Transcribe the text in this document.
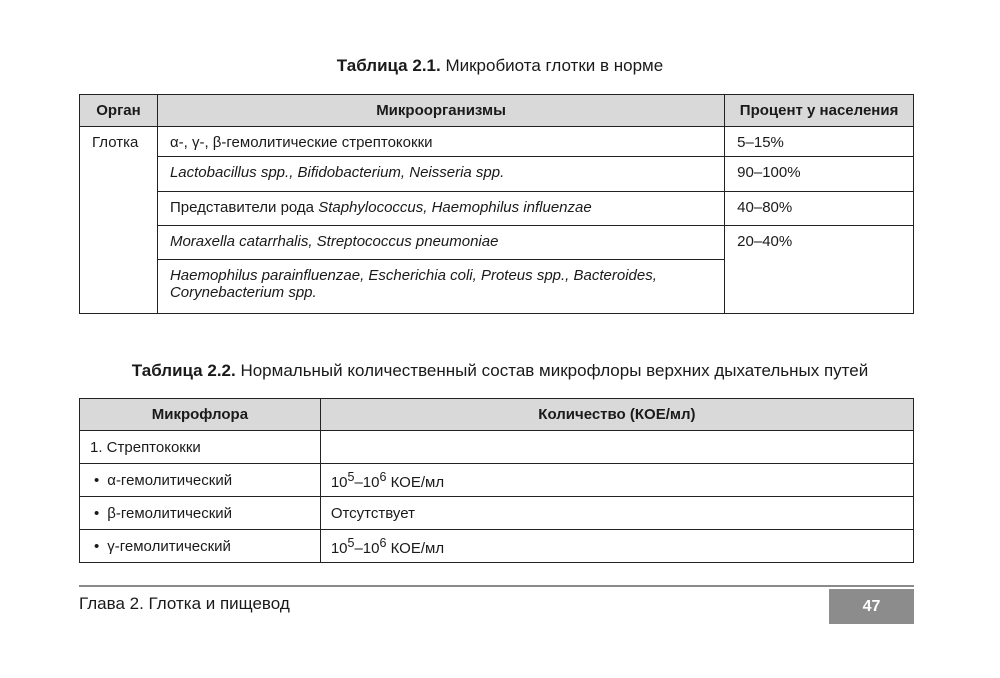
Таблица 2.1. Микробиота глотки в норме
Орган	Микроорганизмы	Процент у населения
Глотка	α-, γ-, β-гемолитические стрептококки	5–15%
	Lactobacillus spp., Bifidobacterium, Neisseria spp.	90–100%
	Представители рода Staphylococcus, Haemophilus influenzae	40–80%
	Moraxella catarrhalis, Streptococcus pneumoniae	20–40%

	Haemophilus parainfluenzae, Escherichia coli, Proteus spp., Bacteroides,
Corynebacterium spp.	
Таблица 2.2. Нормальный количественный состав микрофлоры верхних дыхательных путей
Микрофлора	Количество (КОЕ/мл)
1. Стрептококки	
• α-гемолитический	$10^5-10^6$ КОЕ/мл
• β-гемолитический	Отсутствует
• γ-гемолитический	$10^5-10^6$ КОЕ/мл
Глава 2. Глотка и пищевод	47
